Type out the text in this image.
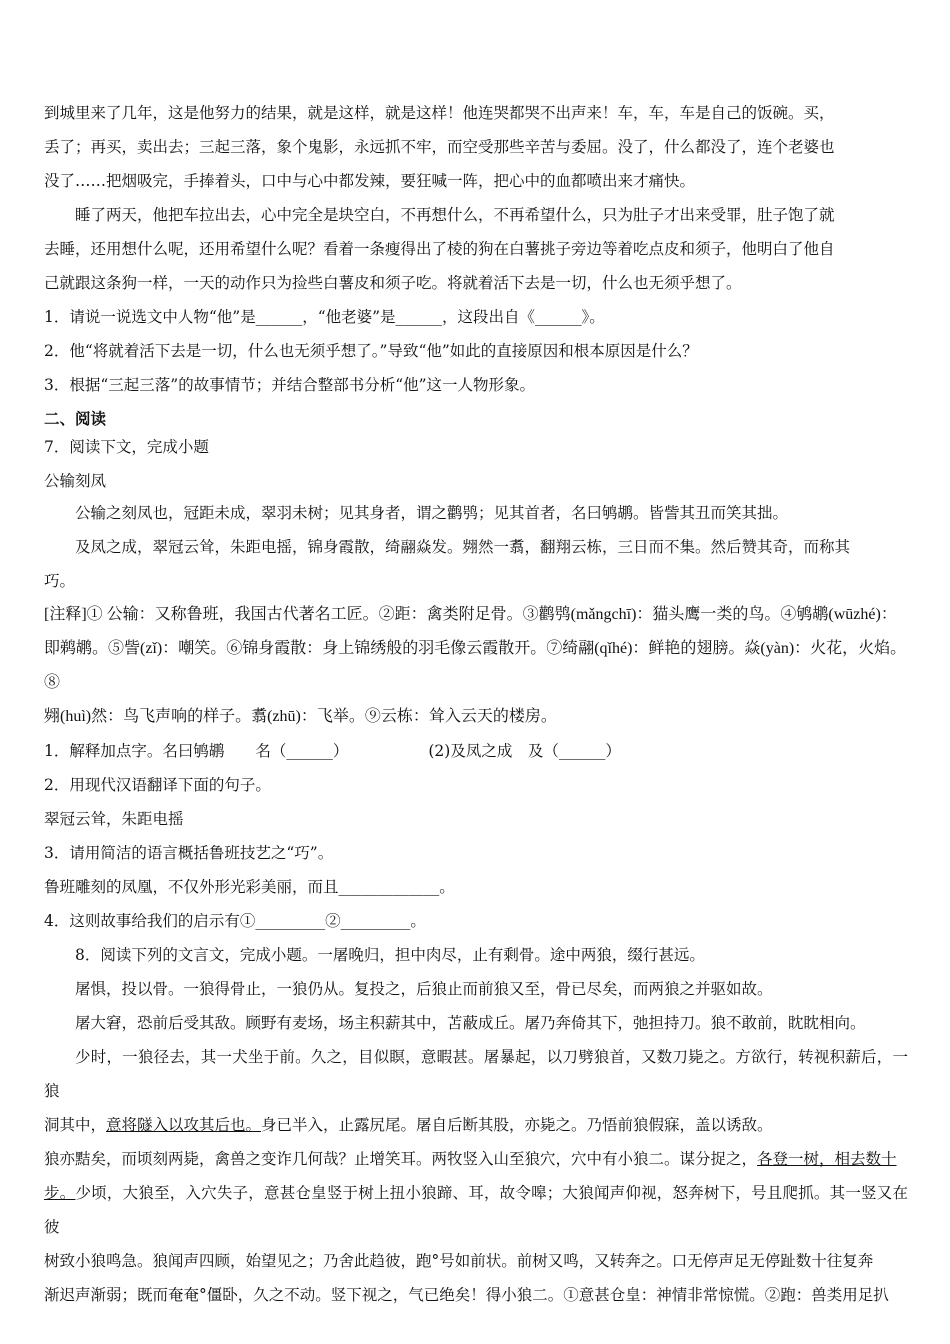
到城里来了几年，这是他努力的结果，就是这样，就是这样！他连哭都哭不出声来！车，车，车是自己的饭碗。买，

丢了；再买，卖出去；三起三落，象个鬼影，永远抓不牢，而空受那些辛苦与委屈。没了，什么都没了，连个老婆也

没了……把烟吸完，手捧着头，口中与心中都发辣，要狂喊一阵，把心中的血都喷出来才痛快。

睡了两天，他把车拉出去，心中完全是块空白，不再想什么，不再希望什么，只为肚子才出来受罪，肚子饱了就

去睡，还用想什么呢，还用希望什么呢？看着一条瘦得出了棱的狗在白薯挑子旁边等着吃点皮和须子，他明白了他自

己就跟这条狗一样，一天的动作只为捡些白薯皮和须子吃。将就着活下去是一切，什么也无须乎想了。

1．请说一说选文中人物“他”是______，“他老婆”是______，这段出自《______》。

2．他“将就着活下去是一切，什么也无须乎想了。”导致“他”如此的直接原因和根本原因是什么？

3．根据“三起三落”的故事情节；并结合整部书分析“他”这一人物形象。

二、阅读

7．阅读下文，完成小题

公输刻凤

公输之刻凤也，冠距未成，翠羽未树；见其身者，谓之鹳鸮；见其首者，名曰鸲鹕。皆訾其丑而笑其拙。

及凤之成，翠冠云耸，朱距电摇，锦身霞散，绮翮焱发。翙然一翥，翻翔云栋，三日而不集。然后赞其奇，而称其

巧。

[注释]① 公输：又称鲁班，我国古代著名工匠。②距：禽类附足骨。③鹳鸮(mǎngchī)：猫头鹰一类的鸟。④鸲鹕(wūzhé)：

即鹈鹕。⑤訾(zǐ)：嘲笑。⑥锦身霞散：身上锦绣般的羽毛像云霞散开。⑦绮翮(qǐhé)：鲜艳的翅膀。焱(yàn)：火花，火焰。⑧

翙(huì)然：鸟飞声响的样子。翥(zhū)：飞举。⑨云栋：耸入云天的楼房。

1．解释加点字。名曰鸲鹕　　名（______）	(2)及凤之成　及（______）

2．用现代汉语翻译下面的句子。

翠冠云耸，朱距电摇

3．请用简洁的语言概括鲁班技艺之“巧”。

鲁班雕刻的凤凰，不仅外形光彩美丽，而且_____________。

4．这则故事给我们的启示有①_________②_________。

8．阅读下列的文言文，完成小题。一屠晚归，担中肉尽，止有剩骨。途中两狼，缀行甚远。

屠惧，投以骨。一狼得骨止，一狼仍从。复投之，后狼止而前狼又至，骨已尽矣，而两狼之并驱如故。

屠大窘，恐前后受其敌。顾野有麦场，场主积薪其中，苫蔽成丘。屠乃奔倚其下，弛担持刀。狼不敢前，眈眈相向。

少时，一狼径去，其一犬坐于前。久之，目似瞑，意暇甚。屠暴起，以刀劈狼首，又数刀毙之。方欲行，转视积薪后，一狼

洞其中，意将隧入以攻其后也。身已半入，止露尻尾。屠自后断其股，亦毙之。乃悟前狼假寐，盖以诱敌。

狼亦黠矣，而顷刻两毙，禽兽之变诈几何哉？止增笑耳。两牧竖入山至狼穴，穴中有小狼二。谋分捉之，各登一树，相去数十

步。少顷，大狼至，入穴失子，意甚仓皇竖于树上扭小狼蹄、耳，故令嗥；大狼闻声仰视，怒奔树下，号且爬抓。其一竖又在彼

树致小狼鸣急。狼闻声四顾，始望见之；乃舍此趋彼，跑°号如前状。前树又鸣，又转奔之。口无停声足无停趾数十往复奔

渐迟声渐弱；既而奄奄°僵卧，久之不动。竖下视之，气已绝矣！得小狼二。①意甚仓皇：神情非常惊慌。②跑：兽类用足扒
